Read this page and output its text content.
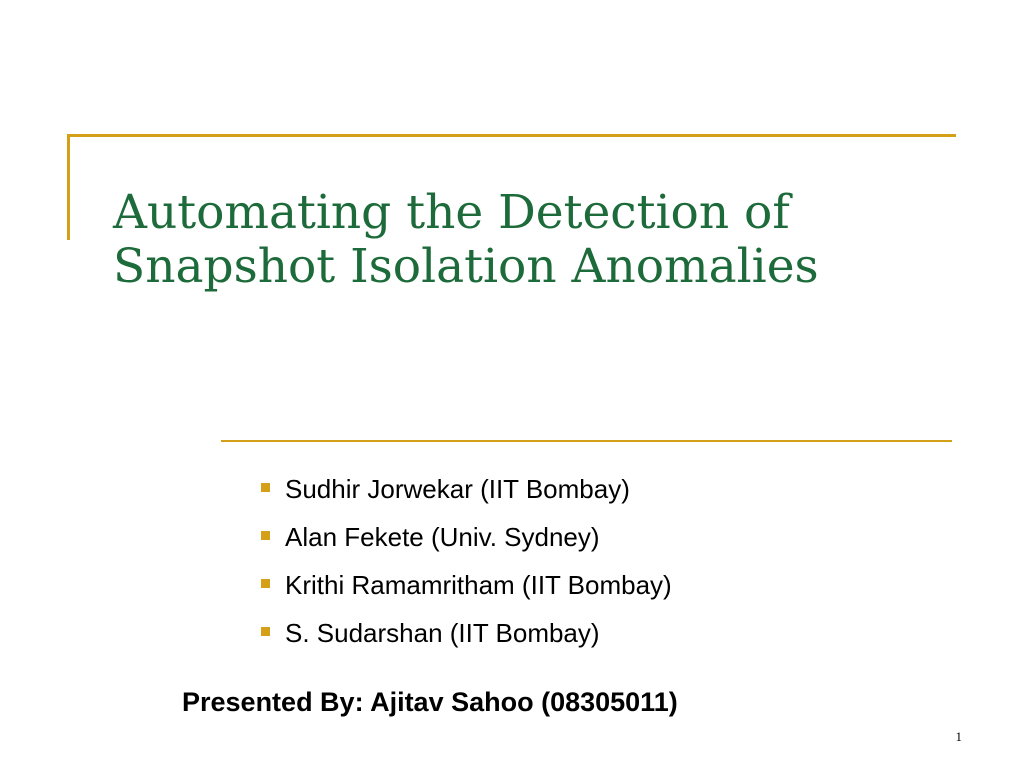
Automating the Detection of
Snapshot Isolation Anomalies
Sudhir Jorwekar (IIT Bombay)
Alan Fekete (Univ. Sydney)
Krithi Ramamritham (IIT Bombay)
S. Sudarshan (IIT Bombay)

Presented By: Ajitav Sahoo (08305011)

1
